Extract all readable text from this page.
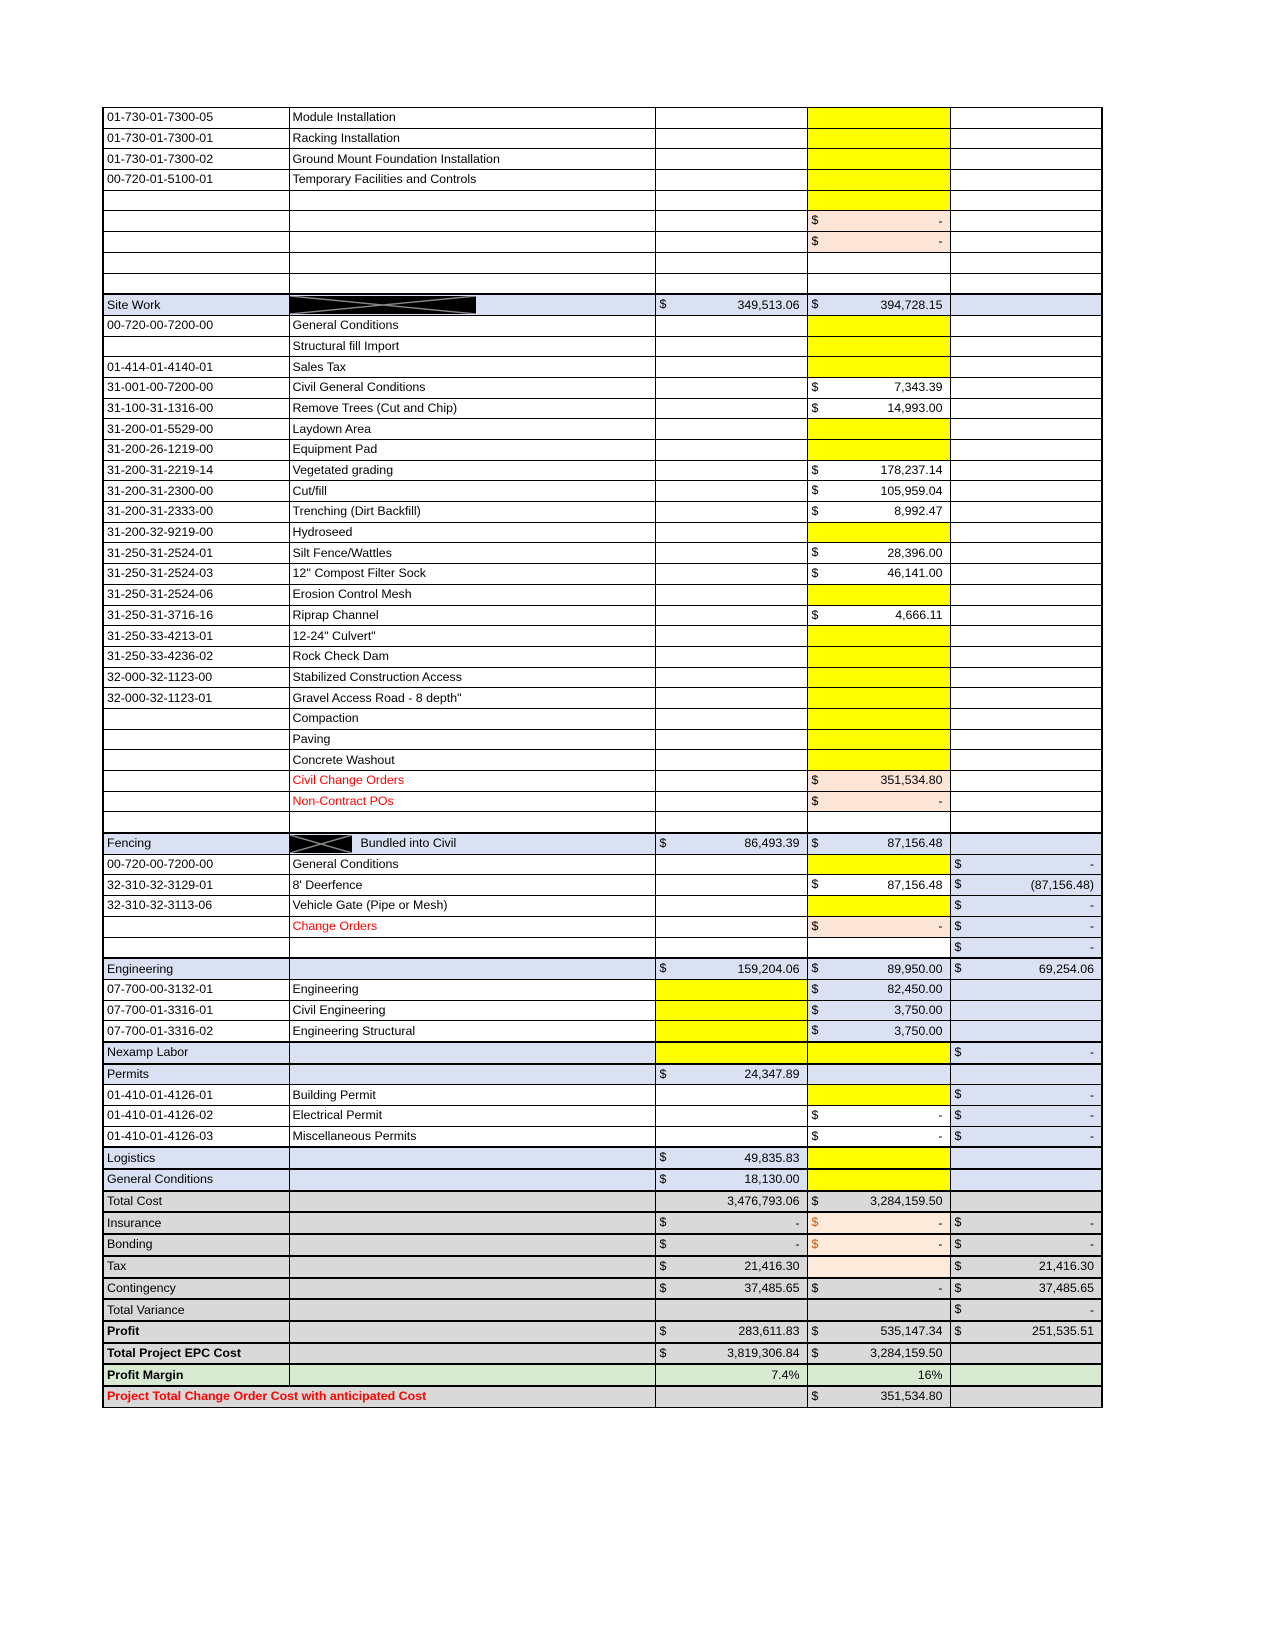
01-730-01-7300-05	Module Installation			
01-730-01-7300-01	Racking Installation			
01-730-01-7300-02	Ground Mount Foundation Installation			
00-720-01-5100-01	Temporary Facilities and Controls			

			$ -	

			$ -	

Site Work		$ 349,513.06	$ 394,728.15	
00-720-00-7200-00	General Conditions			
	Structural fill Import			
01-414-01-4140-01	Sales Tax			
31-001-00-7200-00	Civil General Conditions		$ 7,343.39	
31-100-31-1316-00	Remove Trees (Cut and Chip)		$ 14,993.00	
31-200-01-5529-00	Laydown Area			
31-200-26-1219-00	Equipment Pad			
31-200-31-2219-14	Vegetated grading		$ 178,237.14	
31-200-31-2300-00	Cut/fill		$ 105,959.04	
31-200-31-2333-00	Trenching (Dirt Backfill)		$ 8,992.47	
31-200-32-9219-00	Hydroseed			
31-250-31-2524-01	Silt Fence/Wattles		$ 28,396.00	
31-250-31-2524-03	12'' Compost Filter Sock		$ 46,141.00	
31-250-31-2524-06	Erosion Control Mesh			
31-250-31-3716-16	Riprap Channel		$ 4,666.11	
31-250-33-4213-01	12-24" Culvert"			
31-250-33-4236-02	Rock Check Dam			
32-000-32-1123-00	Stabilized Construction Access			
32-000-32-1123-01	Gravel Access Road - 8 depth"			
	Compaction			
	Paving			
	Concrete Washout			
	Civil Change Orders		$ 351,534.80	
	Non-Contract POs		$ -	

Fencing	Bundled into Civil	$ 86,493.39	$ 87,156.48	
00-720-00-7200-00	General Conditions			$ -
32-310-32-3129-01	8' Deerfence		$ 87,156.48	$ (87,156.48)
32-310-32-3113-06	Vehicle Gate (Pipe or Mesh)			$ -
	Change Orders		$ -	$ -

				$ -
Engineering		$ 159,204.06	$ 89,950.00	$ 69,254.06
07-700-00-3132-01	Engineering		$ 82,450.00	
07-700-01-3316-01	Civil Engineering		$ 3,750.00	
07-700-01-3316-02	Engineering Structural		$ 3,750.00	
Nexamp Labor				$ -
Permits		$ 24,347.89		
01-410-01-4126-01	Building Permit			$ -
01-410-01-4126-02	Electrical Permit		$ -	$ -
01-410-01-4126-03	Miscellaneous Permits		$ -	$ -
Logistics		$ 49,835.83		
General Conditions		$ 18,130.00		
Total Cost		3,476,793.06	$ 3,284,159.50	
Insurance		$ -	$ -	$ -
Bonding		$ -	$ -	$ -
Tax		$ 21,416.30		$ 21,416.30
Contingency		$ 37,485.65	$ -	$ 37,485.65
Total Variance				$ -
Profit		$ 283,611.83	$ 535,147.34	$ 251,535.51
Total Project EPC Cost		$ 3,819,306.84	$ 3,284,159.50	
Profit Margin		7.4%	16%	
Project Total Change Order Cost with anticipated Cost			$ 351,534.80	
